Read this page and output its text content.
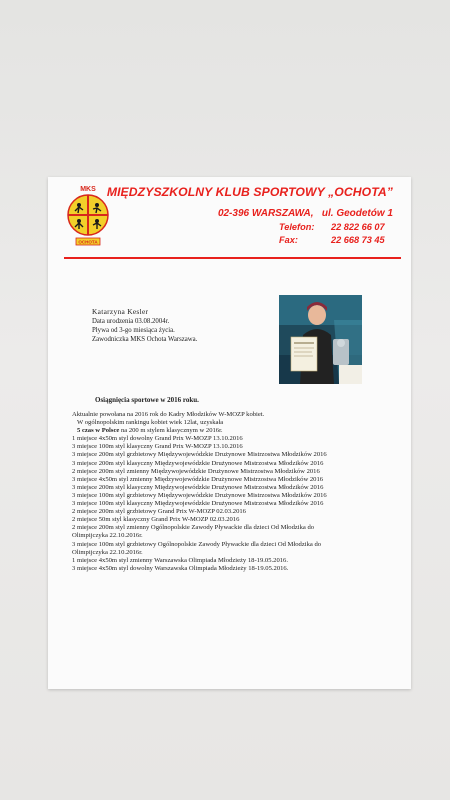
MKS
OCHOTA
MIĘDZYSZKOLNY KLUB SPORTOWY „OCHOTA”
02-396 WARSZAWA, ul. Geodetów 1
Telefon:	22 822 66 07
Fax:	22 668 73 45
Katarzyna Kesler
Data urodzenia 03.08.2004r.
Pływa od 3-go miesiąca życia.
Zawodniczka MKS Ochota Warszawa.
Osiągnięcia sportowe w 2016 roku.
Aktualnie powołana na 2016 rok do Kadry Młodzików W-MOZP kobiet.
W ogólnopolskim rankingu kobiet wiek 12lat, uzyskała
5 czas w Polsce na 200 m stylem klasycznym w 2016r.
1 miejsce 4x50m styl dowolny Grand Prix W-MOZP 13.10.2016
3 miejsce 100m styl klasyczny Grand Prix W-MOZP 13.10.2016
3 miejsce 200m styl grzbietowy Międzywojewódzkie Drużynowe Mistrzostwa Młodzików 2016
3 miejsce 200m styl klasyczny Międzywojewódzkie Drużynowe Mistrzostwa Młodzików 2016
2 miejsce 200m styl zmienny Międzywojewódzkie Drużynowe Mistrzostwa Młodzików 2016
3 miejsce 4x50m styl zmienny Międzywojewódzkie Drużynowe Mistrzostwa Młodzików 2016
3 miejsce 200m styl klasyczny Międzywojewódzkie Drużynowe Mistrzostwa Młodzików 2016
3 miejsce 100m styl grzbietowy Międzywojewódzkie Drużynowe Mistrzostwa Młodzików 2016
3 miejsce 100m styl klasyczny Międzywojewódzkie Drużynowe Mistrzostwa Młodzików 2016
2 miejsce 200m styl grzbietowy Grand Prix W-MOZP 02.03.2016
2 miejsce 50m styl klasyczny Grand Prix W-MOZP 02.03.2016
2 miejsce 200m styl zmienny Ogólnopolskie Zawody Pływackie dla dzieci Od Młodzika do
Olimpijczyka 22.10.2016r.
3 miejsce 100m styl grzbietowy Ogólnopolskie Zawody Pływackie dla dzieci Od Młodzika do
Olimpijczyka 22.10.2016r.
1 miejsce 4x50m styl zmienny Warszawska Olimpiada Młodzieży 18-19.05.2016.
3 miejsce 4x50m styl dowolny Warszawska Olimpiada Młodzieży 18-19.05.2016.
